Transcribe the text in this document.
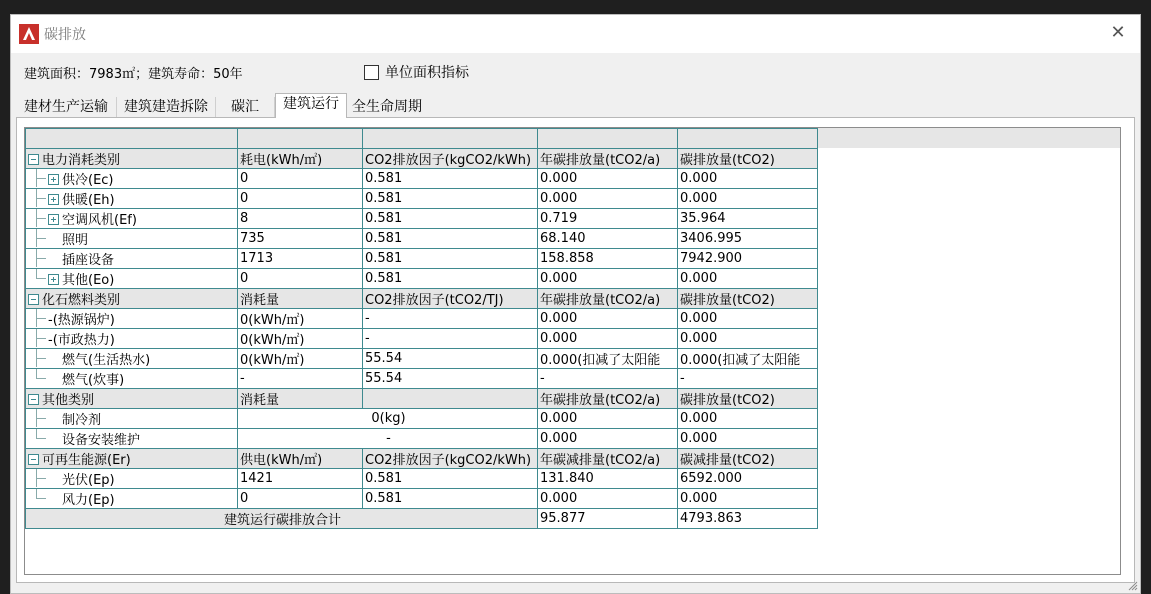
碳排放	✕
建筑面积：7983㎡；建筑寿命：50年	单位面积指标
建材生产运输	建筑建造拆除	碳汇	建筑运行 全生命周期

电力消耗类别	耗电(kWh/㎡)	CO2排放因子(kgCO2/kWh)	年碳排放量(tCO2/a)	碳排放量(tCO2)
供冷(Ec)	0	0.581	0.000	0.000
供暖(Eh)	0	0.581	0.000	0.000
空调风机(Ef)	8	0.581	0.719	35.964
照明	735	0.581	68.140	3406.995
插座设备	1713	0.581	158.858	7942.900
其他(Eo)	0	0.581	0.000	0.000
化石燃料类别	消耗量	CO2排放因子(tCO2/TJ)	年碳排放量(tCO2/a)	碳排放量(tCO2)
-(热源锅炉)	0(kWh/㎡)	-	0.000	0.000
-(市政热力)	0(kWh/㎡)	-	0.000	0.000
燃气(生活热水)	0(kWh/㎡)	55.54	0.000(扣减了太阳能	0.000(扣减了太阳能
燃气(炊事)	-	55.54	-	-
其他类别	消耗量		年碳排放量(tCO2/a)	碳排放量(tCO2)
制冷剂	0(kg)		0.000	0.000
设备安装维护	-		0.000	0.000
可再生能源(Er)	供电(kWh/㎡)	CO2排放因子(kgCO2/kWh)	年碳减排量(tCO2/a)	碳减排量(tCO2)
光伏(Ep)	1421	0.581	131.840	6592.000
风力(Ep)	0	0.581	0.000	0.000
建筑运行碳排放合计			95.877	4793.863
